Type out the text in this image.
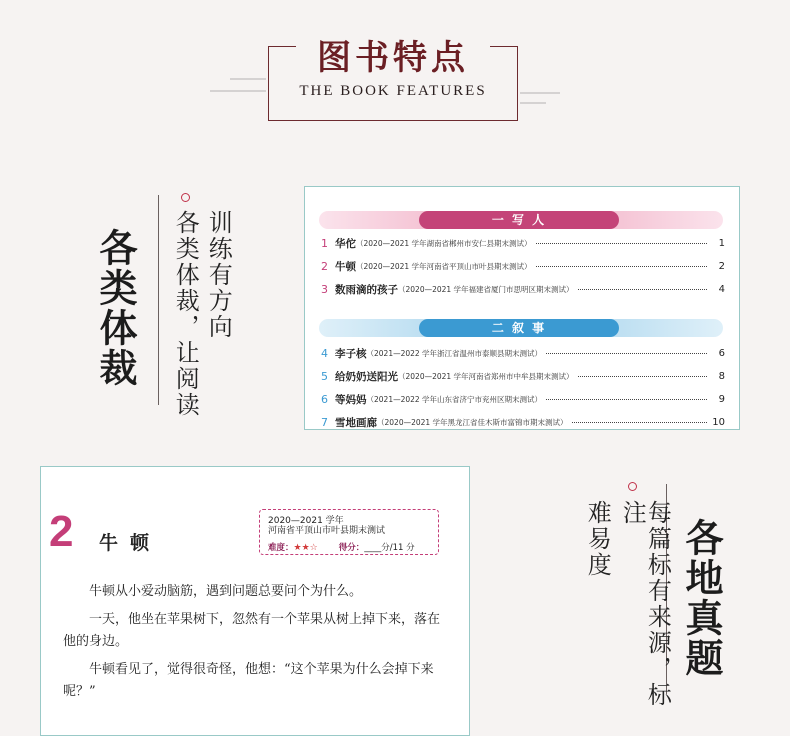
图书特点
THE BOOK FEATURES
各类体裁	训练有方向
各类体裁，让阅读	一 写 人
1 华佗 （2020—2021 学年湖南省郴州市安仁县期末测试）	1
2 牛顿 （2020—2021 学年河南省平顶山市叶县期末测试）	2
3 数雨滴的孩子 （2020—2021 学年福建省厦门市思明区期末测试）	4
二 叙 事
4 李子核 （2021—2022 学年浙江省温州市泰顺县期末测试）	6
5 给奶奶送阳光 （2020—2021 学年河南省郑州市中牟县期末测试）	8
6 等妈妈 （2021—2022 学年山东省济宁市兖州区期末测试）	9
7 雪地画廊 （2020—2021 学年黑龙江省佳木斯市富锦市期末测试）	10
2 牛顿
2020—2021 学年
河南省平顶山市叶县期末测试
难度：★★☆ 得分：____分/11 分
牛顿从小爱动脑筋，遇到问题总要问个为什么。
一天，他坐在苹果树下，忽然有一个苹果从树上掉下来，落在他的身边。
牛顿看见了，觉得很奇怪，他想：“这个苹果为什么会掉下来呢？”
各地真题
每篇标有来源，标注
难易度
